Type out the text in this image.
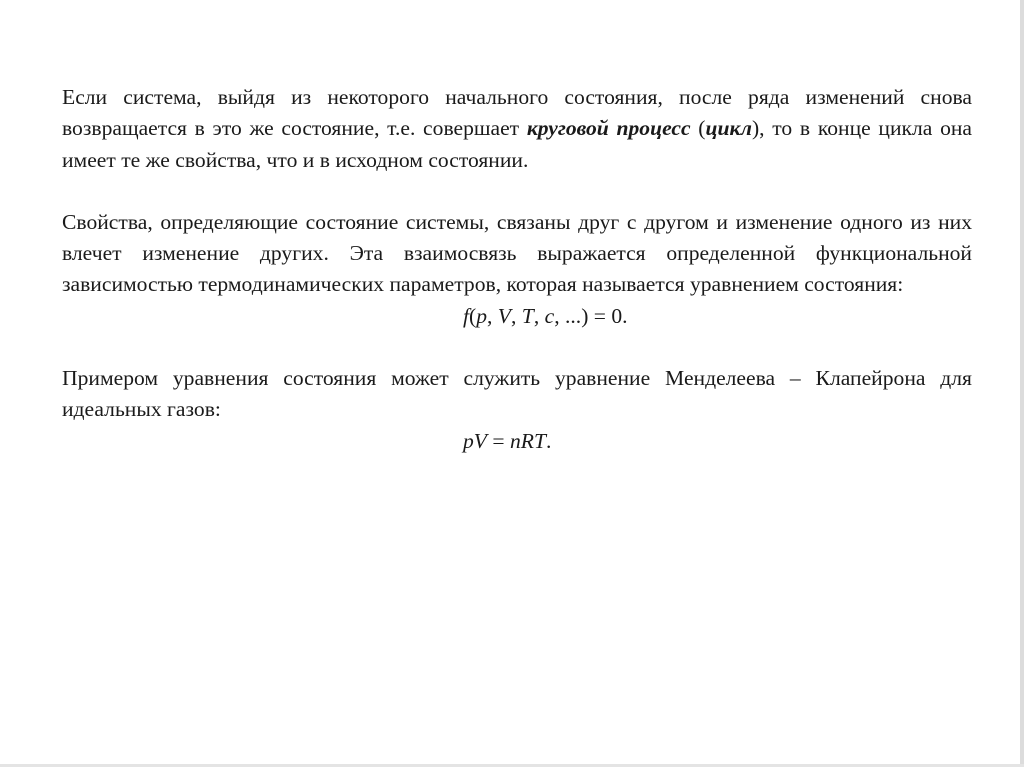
Если система, выйдя из некоторого начального состояния, после ряда изменений снова возвращается в это же состояние, т.е. совершает круговой процесс (цикл), то в конце цикла она имеет те же свойства, что и в исходном состоянии.

Свойства, определяющие состояние системы, связаны друг с другом и изменение одного из них влечет изменение других. Эта взаимосвязь выражается определенной функциональной зависимостью термодинамических параметров, которая называется уравнением состояния:

f(p, V, T, c, ...) = 0.

Примером уравнения состояния может служить уравнение Менделеева – Клапейрона для идеальных газов:

pV = nRT.
